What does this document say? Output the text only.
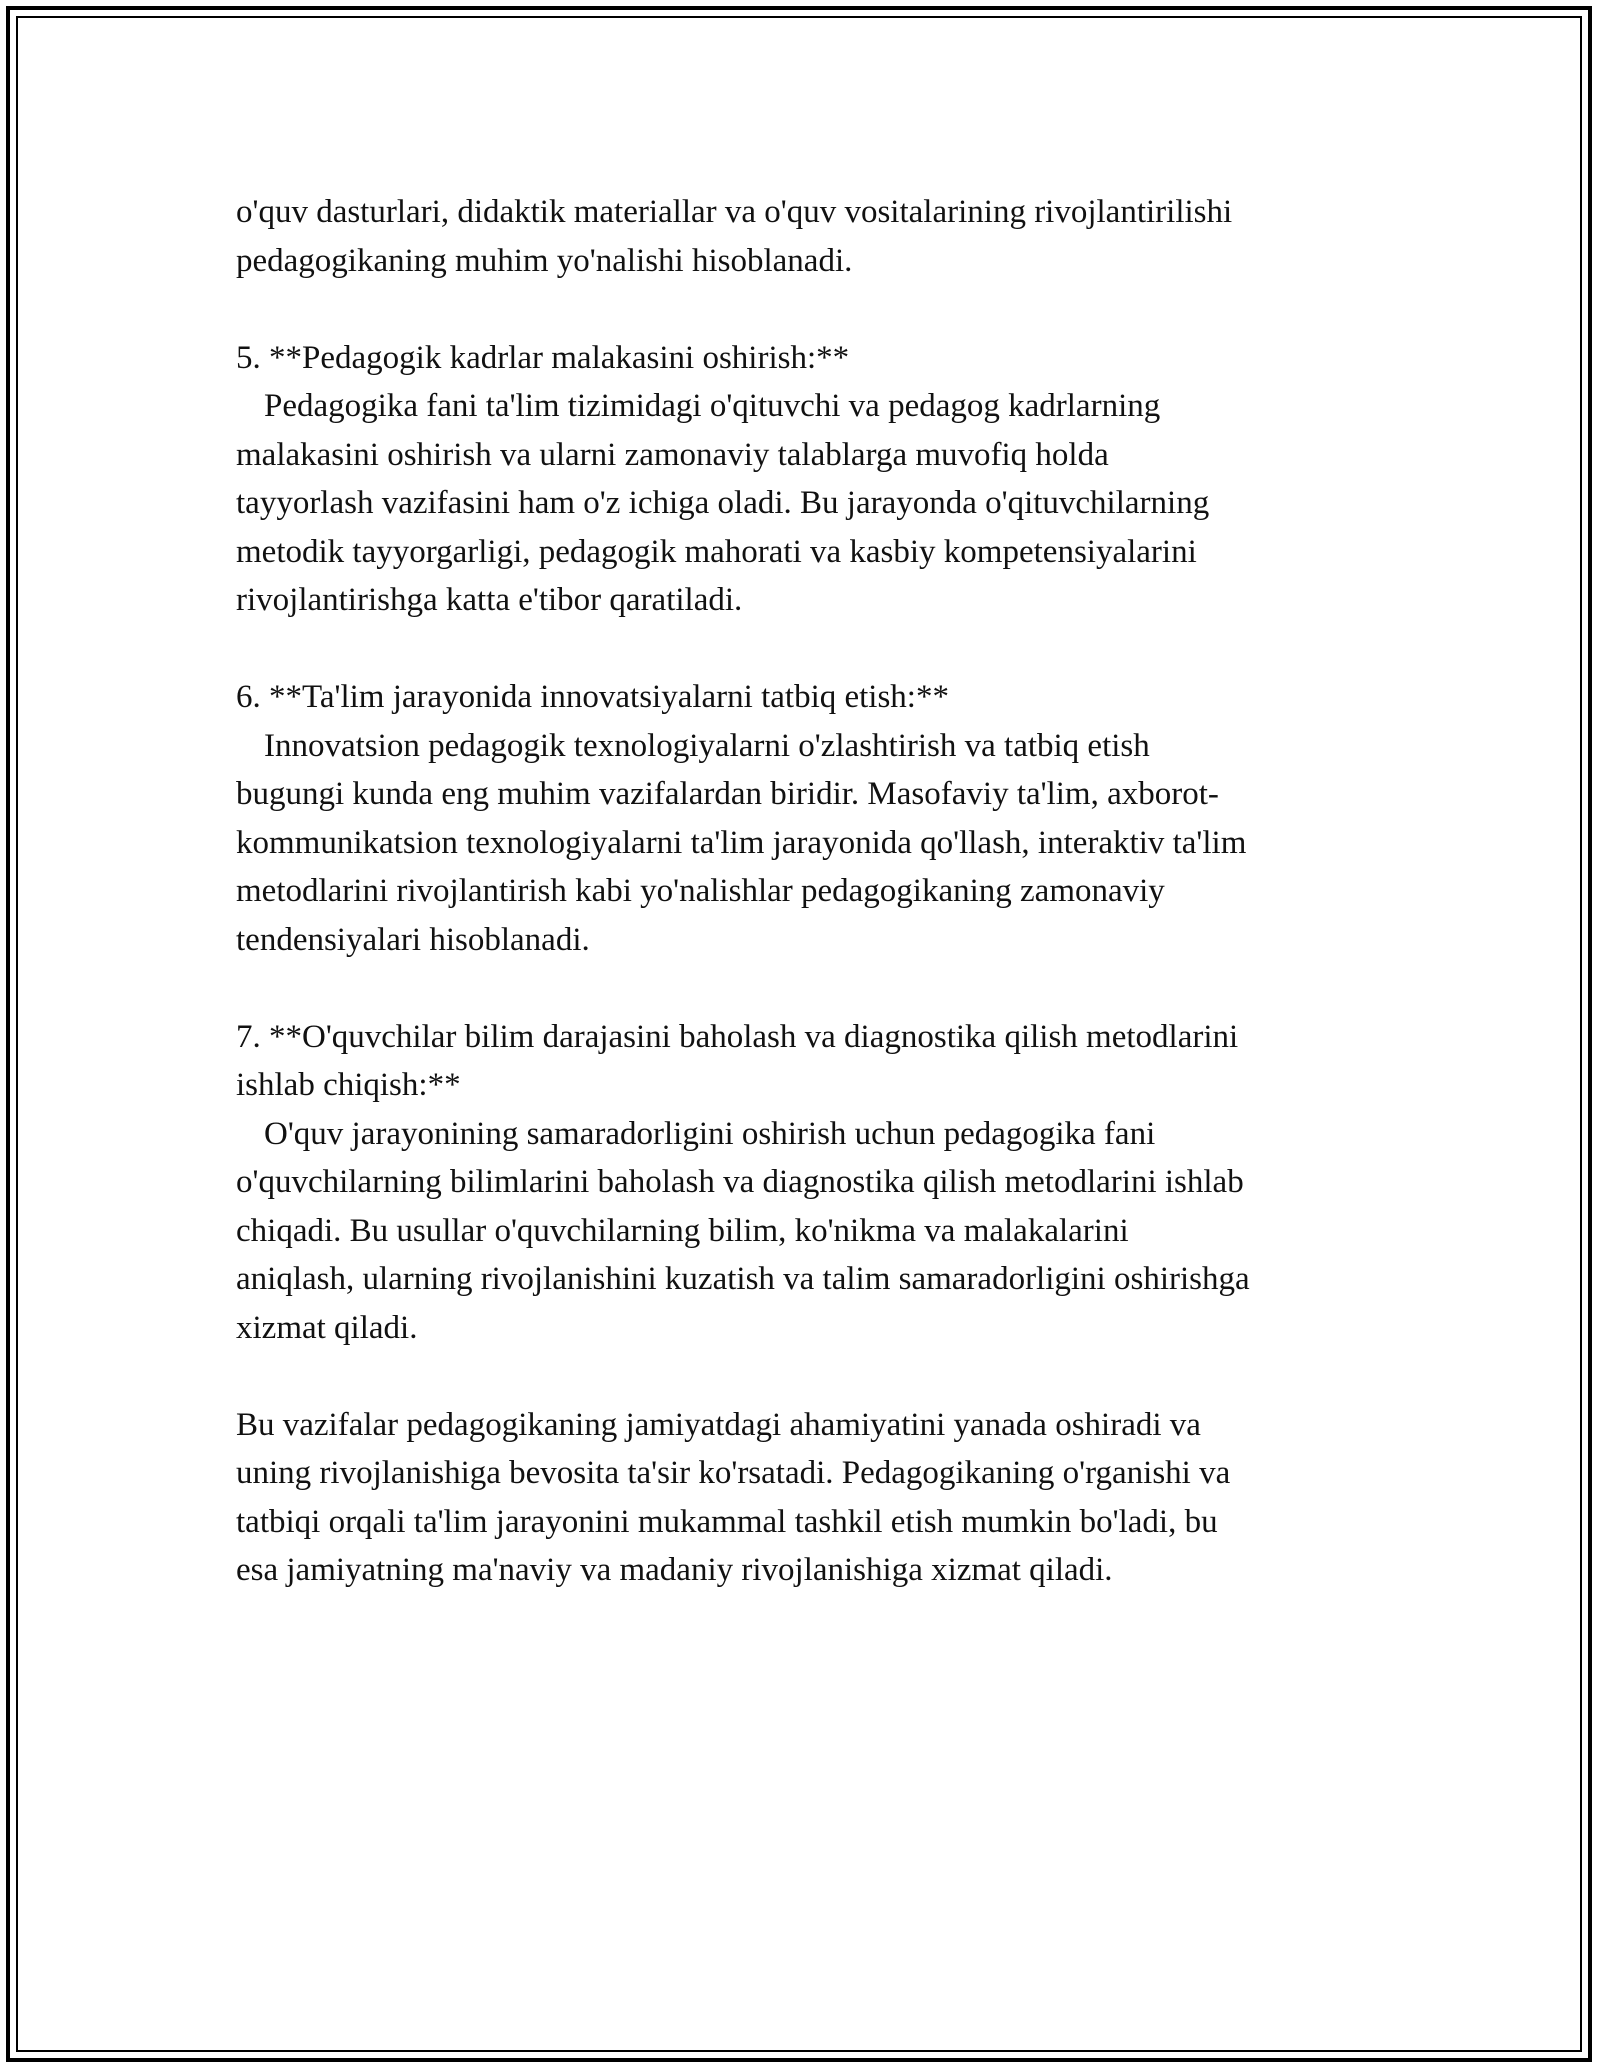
o'quv dasturlari, didaktik materiallar va o'quv vositalarining rivojlantirilishi

pedagogikaning muhim yo'nalishi hisoblanadi.

5. **Pedagogik kadrlar malakasini oshirish:**

Pedagogika fani ta'lim tizimidagi o'qituvchi va pedagog kadrlarning

malakasini oshirish va ularni zamonaviy talablarga muvofiq holda

tayyorlash vazifasini ham o'z ichiga oladi. Bu jarayonda o'qituvchilarning

metodik tayyorgarligi, pedagogik mahorati va kasbiy kompetensiyalarini

rivojlantirishga katta e'tibor qaratiladi.

6. **Ta'lim jarayonida innovatsiyalarni tatbiq etish:**

Innovatsion pedagogik texnologiyalarni o'zlashtirish va tatbiq etish

bugungi kunda eng muhim vazifalardan biridir. Masofaviy ta'lim, axborot-

kommunikatsion texnologiyalarni ta'lim jarayonida qo'llash, interaktiv ta'lim

metodlarini rivojlantirish kabi yo'nalishlar pedagogikaning zamonaviy

tendensiyalari hisoblanadi.

7. **O'quvchilar bilim darajasini baholash va diagnostika qilish metodlarini

ishlab chiqish:**

O'quv jarayonining samaradorligini oshirish uchun pedagogika fani

o'quvchilarning bilimlarini baholash va diagnostika qilish metodlarini ishlab

chiqadi. Bu usullar o'quvchilarning bilim, ko'nikma va malakalarini

aniqlash, ularning rivojlanishini kuzatish va talim samaradorligini oshirishga

xizmat qiladi.

Bu vazifalar pedagogikaning jamiyatdagi ahamiyatini yanada oshiradi va

uning rivojlanishiga bevosita ta'sir ko'rsatadi. Pedagogikaning o'rganishi va

tatbiqi orqali ta'lim jarayonini mukammal tashkil etish mumkin bo'ladi, bu

esa jamiyatning ma'naviy va madaniy rivojlanishiga xizmat qiladi.
